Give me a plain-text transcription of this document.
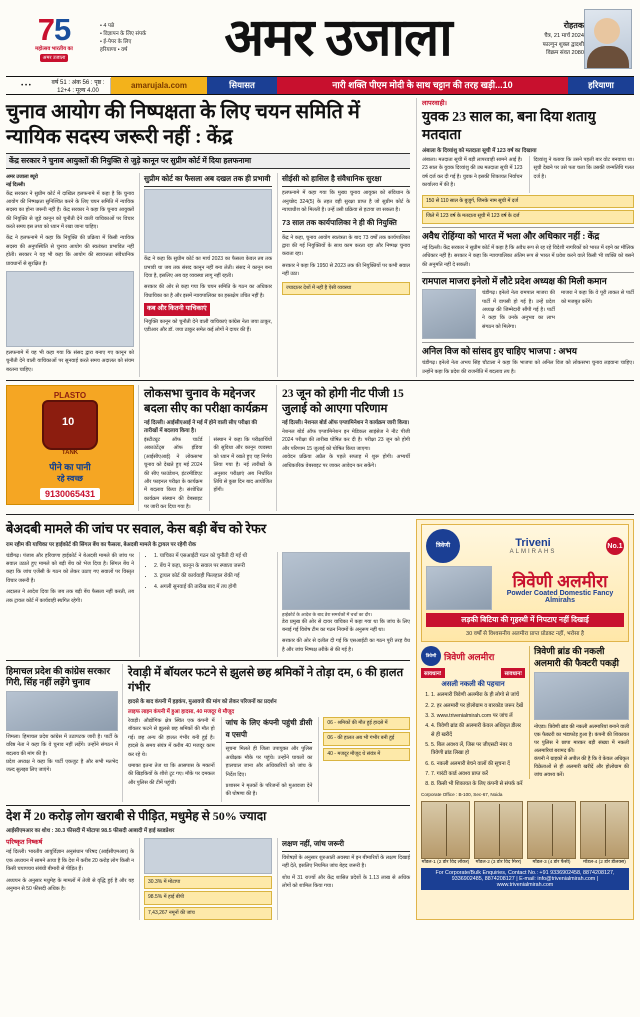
75
महोत्सव भारतीय का
अमर उजाला
• 4 पन्ने
• विज्ञापन के लिए संपर्क
• ई-पेपर के लिए
हरियाणा • वर्ष	अमर उजाला	रोहतक
चैत्र, 21 मार्च 2024
फाल्गुन शुक्ल द्वादशी
विक्रम संवत 2080
• • •	वर्ष 51 : अंक 56 : पृष्ठ : 12+4 : मूल्य 4.00
amarujala.com	सियासत	नारी शक्ति पीएम मोदी के साथ चट्टान की तरह खड़ी...10	हरियाणा
चुनाव आयोग की निष्पक्षता के लिए चयन समिति में न्यायिक सदस्य जरूरी नहीं : केंद्र
केंद्र सरकार ने चुनाव आयुक्तों की नियुक्ति से जुड़े कानून पर सुप्रीम कोर्ट में दिया हलफनामा
अमर उजाला ब्यूरो
नई दिल्ली।

केंद्र सरकार ने सुप्रीम कोर्ट में दाखिल हलफनामे में कहा है कि चुनाव आयोग की निष्पक्षता सुनिश्चित करने के लिए चयन समिति में न्यायिक सदस्य का होना जरूरी नहीं है। केंद्र सरकार ने कहा कि चुनाव आयुक्तों की नियुक्ति से जुड़े कानून को चुनौती देने वाली याचिकाओं पर विचार करते समय इस तथ्य को ध्यान में रखा जाना चाहिए।

केंद्र ने हलफनामे में कहा कि नियुक्ति की प्रक्रिया में किसी न्यायिक सदस्य की अनुपस्थिति से चुनाव आयोग की स्वतंत्रता प्रभावित नहीं होती। सरकार ने यह भी कहा कि आयोग की स्वायत्तता संवैधानिक प्रावधानों से सुरक्षित है।

हलफनामे में यह भी कहा गया कि संसद द्वारा बनाए गए कानून को चुनौती देने वाली याचिकाओं पर सुनवाई करते समय अदालत को संयम बरतना चाहिए।

सुप्रीम कोर्ट का फैसला अब दखल तक ही प्रभावी

केंद्र ने कहा कि सुप्रीम कोर्ट का मार्च 2023 का फैसला केवल तब तक प्रभावी था जब तक संसद कानून नहीं बना लेती। संसद ने कानून बना दिया है, इसलिए अब वह व्यवस्था लागू नहीं रहती।

सरकार की ओर से कहा गया कि चयन समिति के गठन का अधिकार विधायिका का है और इसमें न्यायपालिका का हस्तक्षेप उचित नहीं है।

कब और कितनी याचिकाएं

नियुक्ति कानून को चुनौती देने वाली याचिकाएं कांग्रेस नेता जया ठाकुर, एडीआर और डॉ. जया ठाकुर समेत कई लोगों ने दायर की हैं।

सीईसी को हासिल है संवैधानिक सुरक्षा

हलफनामे में कहा गया कि मुख्य चुनाव आयुक्त को संविधान के अनुच्छेद 324(5) के तहत वही सुरक्षा प्राप्त है जो सुप्रीम कोर्ट के न्यायाधीश को मिलती है। उन्हें उसी प्रक्रिया से हटाया जा सकता है।

73 साल तक कार्यपालिका ने ही की नियुक्ति

केंद्र ने कहा, चुनाव आयोग स्वतंत्रता के बाद 73 वर्षों तक कार्यपालिका द्वारा की गई नियुक्तियों के साथ काम करता रहा और निष्पक्ष चुनाव कराता रहा।

सरकार ने कहा कि 1950 से 2023 तक की नियुक्तियों पर कभी सवाल नहीं उठा।

ज्यादातर देशों में नहीं है ऐसी व्यवस्था
लापरवाही।
युवक 23 साल का, बना दिया शतायु मतदाता
अंबाला के दिव्यांशु को मतदाता सूची में 123 वर्ष का दिखाया

अंबाला। मतदाता सूची में बड़ी लापरवाही सामने आई है। 23 साल के युवक दिव्यांशु की उम्र मतदाता सूची में 123 वर्ष दर्ज कर दी गई है। युवक ने इसकी शिकायत निर्वाचन कार्यालय में की है।

दिव्यांशु ने बताया कि उसने पहली बार वोट बनवाया था। सूची देखने पर उसे पता चला कि उसकी जन्मतिथि गलत दर्ज है।

150 से 110 साल के बुजुर्ग, जिनके नाम सूची में दर्ज
जिले में 123 वर्ष के मतदाता सूची में 123 वर्ष के दर्ज
अवैध रोहिंग्या को भारत में भला और अधिकार नहीं : केंद्र
नई दिल्ली। केंद्र सरकार ने सुप्रीम कोर्ट में कहा है कि अवैध रूप से रह रहे विदेशी नागरिकों को भारत में रहने का मौलिक अधिकार नहीं है। सरकार ने कहा कि न्यायपालिका अंतिम रूप से भारत में प्रवेश करने वाले किसी भी व्यक्ति को बसने की अनुमति नहीं दे सकती।
रामपाल माजरा इनेलो में लौटे प्रदेश अध्यक्ष की मिली कमान
चंडीगढ़। इनेलो नेता रामपाल माजरा की पार्टी में वापसी हो गई है। उन्हें प्रदेश अध्यक्ष की जिम्मेदारी सौंपी गई है। पार्टी ने कहा कि उनके अनुभव का लाभ संगठन को मिलेगा।
माजरा ने कहा कि वे पूरी ताकत से पार्टी को मजबूत करेंगे।
अनिल विज को सांसद हुए चाहिए भाजपा : अभय
चंडीगढ़। इनेलो नेता अभय सिंह चौटाला ने कहा कि भाजपा को अनिल विज को लोकसभा चुनाव लड़वाना चाहिए। उन्होंने कहा कि प्रदेश की राजनीति में बदलाव तय है।
PLASTO
10
TANK
पीने का पानी
रहे स्वच्छ
9130065431
लोकसभा चुनाव के मद्देनजर बदला सीए का परीक्षा कार्यक्रम
नई दिल्ली। आईसीएआई ने मई में होने वाली सीए परीक्षा की तारीखों में बदलाव किया है।
इंस्टीट्यूट ऑफ चार्टर्ड अकाउंटेंट्स ऑफ इंडिया (आईसीएआई) ने लोकसभा चुनाव को देखते हुए मई 2024 की सीए फाउंडेशन, इंटरमीडिएट और फाइनल परीक्षा के कार्यक्रम में बदलाव किया है। संशोधित कार्यक्रम संस्थान की वेबसाइट पर जारी कर दिया गया है।
संस्थान ने कहा कि परीक्षार्थियों की सुविधा और कानून व्यवस्था को ध्यान में रखते हुए यह निर्णय लिया गया है। नई तारीखों के अनुसार परीक्षाएं अब निर्धारित तिथि से कुछ दिन बाद आयोजित होंगी।
23 जून को होगी नीट पीजी 15 जुलाई को आएगा परिणाम
नई दिल्ली। नेशनल बोर्ड ऑफ एग्जामिनेशन ने कार्यक्रम जारी किया।
नेशनल बोर्ड ऑफ एग्जामिनेशन इन मेडिकल साइंसेज ने नीट पीजी 2024 परीक्षा की तारीख घोषित कर दी है। परीक्षा 23 जून को होगी और परिणाम 15 जुलाई को घोषित किया जाएगा।
आवेदन प्रक्रिया अप्रैल के पहले सप्ताह में शुरू होगी। अभ्यर्थी आधिकारिक वेबसाइट पर जाकर आवेदन कर सकेंगे।
बेअदबी मामले की जांच पर सवाल, केस बड़ी बेंच को रेफर
राम रहीम की याचिका पर हाईकोर्ट की सिंगल बेंच का फैसला, बेअदबी मामले के ट्रायल पर रहेगी रोक

चंडीगढ़। पंजाब और हरियाणा हाईकोर्ट ने बेअदबी मामले की जांच पर सवाल उठाते हुए मामले को बड़ी बेंच को भेज दिया है। सिंगल बेंच ने कहा कि जांच एजेंसी के गठन को लेकर उठाए गए सवालों पर विस्तृत विचार जरूरी है।

अदालत ने आदेश दिया कि जब तक बड़ी बेंच फैसला नहीं करती, तब तक ट्रायल कोर्ट में कार्यवाही स्थगित रहेगी।

• 1. याचिका में एसआईटी गठन को चुनौती दी गई थी
• 2. बेंच ने कहा, कानून के सवाल पर स्पष्टता जरूरी
• 3. ट्रायल कोर्ट की कार्यवाही फिलहाल रोकी गई
• 4. अगली सुनवाई की तारीख बाद में तय होगी
हाईकोर्ट के आदेश के बाद डेरा समर्थकों में चर्चा का दौर।

डेरा प्रमुख की ओर से दायर याचिका में कहा गया था कि जांच के लिए बनाई गई विशेष टीम का गठन नियमों के अनुरूप नहीं था।

सरकार की ओर से दलील दी गई कि एसआईटी का गठन पूरी तरह वैध है और जांच निष्पक्ष तरीके से की गई है।

हिमाचल प्रदेश की कांग्रेस सरकार गिरी, सिंह नहीं लड़ेंगे चुनाव
शिमला। हिमाचल प्रदेश कांग्रेस में उठापटक जारी है। पार्टी के वरिष्ठ नेता ने कहा कि वे चुनाव नहीं लड़ेंगे। उन्होंने संगठन में बदलाव की मांग की है।
प्रदेश अध्यक्ष ने कहा कि पार्टी एकजुट है और सभी मतभेद जल्द सुलझा लिए जाएंगे।
रेवाड़ी में बॉयलर फटने से झुलसे छह श्रमिकों ने तोड़ा दम, 6 की हालत गंभीर
हादसे के बाद कंपनी में हड़कंप, मुआवजे की मांग को लेकर परिजनों का प्रदर्शन
लाइफ लाइन कंपनी में हुआ हादसा, 40 मजदूर थे मौजूद

रेवाड़ी। औद्योगिक क्षेत्र स्थित एक कंपनी में बॉयलर फटने से झुलसे छह श्रमिकों की मौत हो गई। छह अन्य की हालत गंभीर बनी हुई है। हादसे के समय संयंत्र में करीब 40 मजदूर काम कर रहे थे।

धमाका इतना तेज था कि आसपास के मकानों की खिड़कियों के शीशे टूट गए। मौके पर दमकल और पुलिस की टीमें पहुंचीं।

जांच के लिए कंपनी पहुंची डीसी व एसपी

सूचना मिलते ही जिला उपायुक्त और पुलिस अधीक्षक मौके पर पहुंचे। उन्होंने घायलों का हालचाल जाना और अधिकारियों को जांच के निर्देश दिए।

प्रशासन ने मृतकों के परिजनों को मुआवजा देने की घोषणा की है।

06 - श्रमिकों की मौत हुई हादसे में
06 - की हालत अब भी गंभीर बनी हुई
40 - मजदूर मौजूद थे संयंत्र में
देश में 20 करोड़ लोग खराबी से पीड़ित, मधुमेह से 50% ज्यादा
आईसीएमआर का शोध : 30.3 फीसदी में मोटापा 98.5 फीसदी आबादी में हाई ब्लडप्रेशर
परिष्कृत निष्कर्ष

नई दिल्ली। भारतीय आयुर्विज्ञान अनुसंधान परिषद (आईसीएमआर) के एक अध्ययन में सामने आया है कि देश में करीब 20 करोड़ लोग किसी न किसी चयापचय संबंधी बीमारी से पीड़ित हैं।

अध्ययन के अनुसार मधुमेह के मामलों में तेजी से वृद्धि हुई है और यह अनुमान से 50 फीसदी अधिक है।

30.3% में मोटापा
98.5% में हाई बीपी
7,43,267 नमूनों की जांच
लक्षण नहीं, जांच जरूरी

विशेषज्ञों के अनुसार शुरुआती अवस्था में इन बीमारियों के लक्षण दिखाई नहीं देते, इसलिए नियमित जांच बेहद जरूरी है।

शोध में 31 राज्यों और केंद्र शासित प्रदेशों के 1.13 लाख से अधिक लोगों को शामिल किया गया।

त्रिवेणी	Triveni
ALMIRAHS
No.1
त्रिवेणी अलमीरा
Powder Coated Domestic Fancy Almirahs
लड़की बिटिया की गृहस्थी में निपटाए नहीं दिखाई
30 वर्षों से विश्वसनीय अलमीरा प्राप्त प्रोडक्ट नहीं, भरोसा है
त्रिवेणी त्रिवेणी अलमीरा
सावधान!	सावधान!
असली नकली की पहचान
1. 1. अलमारी त्रिवेणी अलमीरा के ही लोगो से जांचें
2. 2. हर अलमारी पर होलोग्राम व बारकोड जरूर देखें
3. 3. www.trivenialmirah.com पर जांच लें
4. 4. त्रिवेणी ब्रांड की अलमारी केवल अधिकृत डीलर से ही खरीदें
5. 5. बिल अवश्य लें, जिस पर जीएसटी नंबर व त्रिवेणी ब्रांड लिखा हो
6. 6. नकली अलमारी बेचने वालों की सूचना दें
7. 7. गारंटी कार्ड अवश्य प्राप्त करें
8. 8. किसी भी शिकायत के लिए कंपनी से संपर्क करें
Corporate Office : B-100, Sec-67, Noida
त्रिवेणी ब्रांड की नकली अलमारी की फैक्टरी पकड़ी
नोएडा। त्रिवेणी ब्रांड की नकली अलमारियां बनाने वाली एक फैक्टरी का भंडाफोड़ हुआ है। कंपनी की शिकायत पर पुलिस ने छापा मारकर बड़ी संख्या में नकली अलमारियां बरामद कीं।
कंपनी ने ग्राहकों से अपील की है कि वे केवल अधिकृत विक्रेताओं से ही अलमारी खरीदें और होलोग्राम की जांच अवश्य करें।
मॉडल-1 (2 डोर विद लॉकर)	मॉडल-2 (3 डोर विद मिरर)	मॉडल-3 (4 डोर फैंसी)	मॉडल-4 (2 डोर डीलक्स)
For Corporate/Bulk Enquiries, Contact No.: +91 9336902458, 8874208127, 9336902485, 8874208127 | E-mail: info@trivenialmirah.com | www.trivenialmirah.com
